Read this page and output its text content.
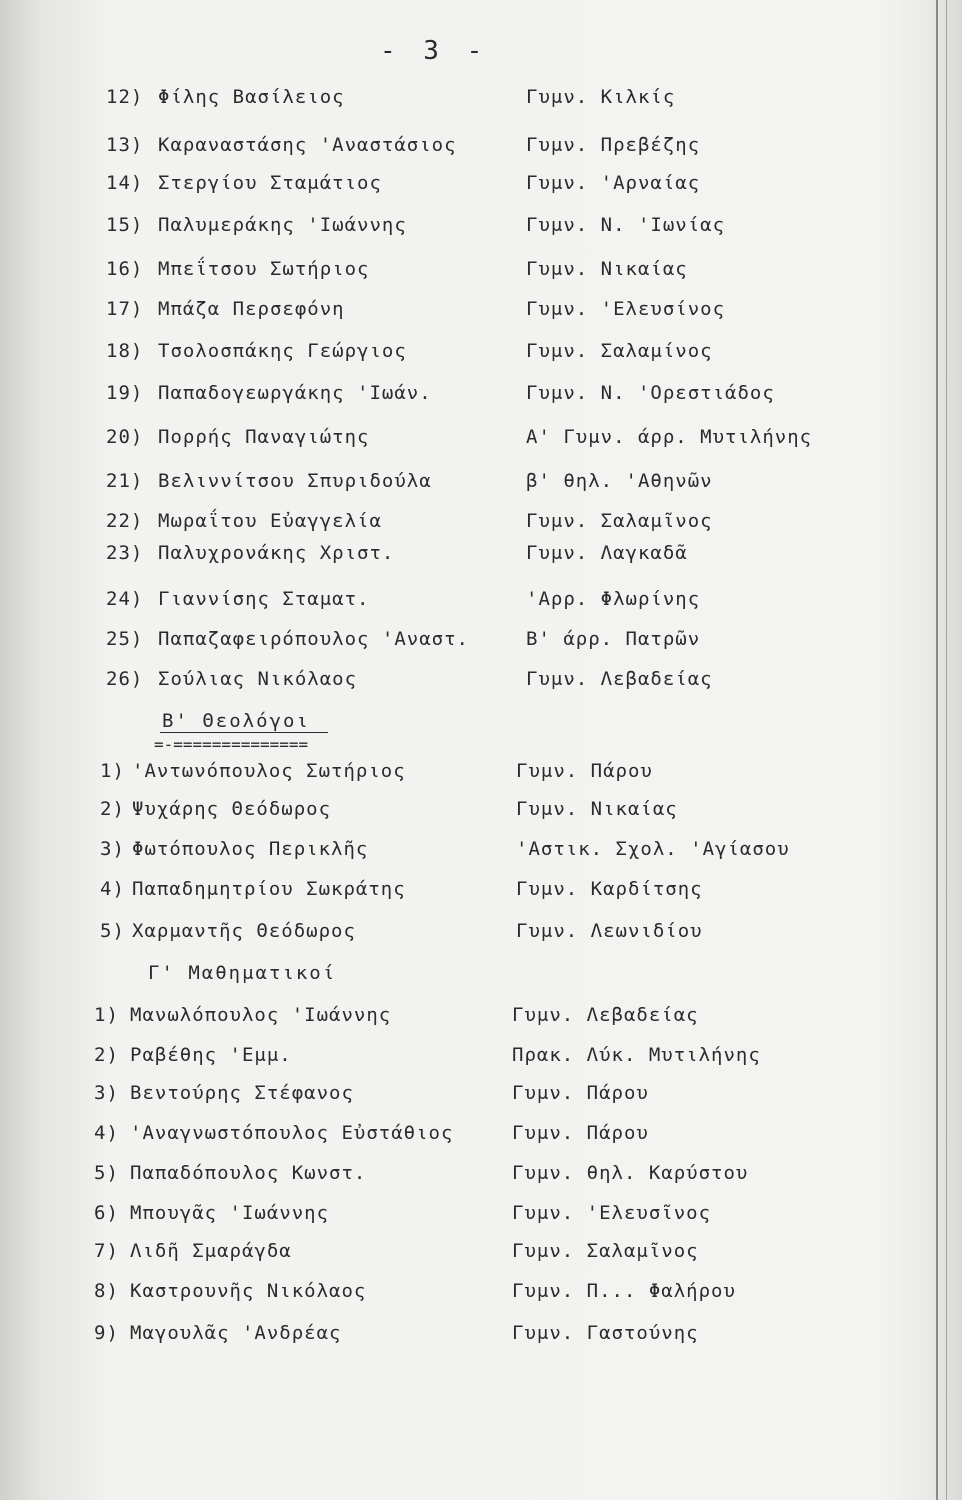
- 3 -
12) Φίλης Βασίλειος	Γυμν. Κιλκίς
13) Καραναστάσης 'Αναστάσιος	Γυμν. Πρεβέζης
14) Στεργίου Σταμάτιος	Γυμν. 'Αρναίας
15) Παλυμεράκης 'Ιωάννης	Γυμν. Ν. 'Ιωνίας
16) Μπεΐτσου Σωτήριος	Γυμν. Νικαίας
17) Μπάζα Περσεφόνη	Γυμν. 'Ελευσίνος
18) Τσολοσπάκης Γεώργιος	Γυμν. Σαλαμίνος
19) Παπαδογεωργάκης 'Ιωάν.	Γυμν. Ν. 'Ορεστιάδος
20) Πορρής Παναγιώτης	Α' Γυμν. άρρ. Μυτιλήνης
21) Βελιννίτσου Σπυριδούλα	β' θηλ. 'Αθηνῶν
22) Μωραΐτου Εὐαγγελία	Γυμν. Σαλαμῖνος
23) Παλυχρονάκης Χριστ.	Γυμν. Λαγκαδᾶ
24) Γιαννίσης Σταματ.	'Αρρ. Φλωρίνης
25) Παπαζαφειρόπουλος 'Αναστ.	Β' άρρ. Πατρῶν
26) Σούλιας Νικόλαος	Γυμν. Λεβαδείας
Β' Θεολόγοι
=-==============
1) 'Αντωνόπουλος Σωτήριος	Γυμν. Πάρου
2) Ψυχάρης Θεόδωρος	Γυμν. Νικαίας
3) Φωτόπουλος Περικλῆς	'Αστικ. Σχολ. 'Αγίασου
4) Παπαδημητρίου Σωκράτης	Γυμν. Καρδίτσης
5) Χαρμαντῆς Θεόδωρος	Γυμν. Λεωνιδίου
Γ' Μαθηματικοί
1) Μανωλόπουλος 'Ιωάννης	Γυμν. Λεβαδείας
2) Ραβέθης 'Εμμ.	Πρακ. Λύκ. Μυτιλήνης
3) Βεντούρης Στέφανος	Γυμν. Πάρου
4) 'Αναγνωστόπουλος Εὐστάθιος	Γυμν. Πάρου
5) Παπαδόπουλος Κωνστ.	Γυμν. θηλ. Καρύστου
6) Μπουγᾶς 'Ιωάννης	Γυμν. 'Ελευσῖνος
7) Λιδῆ Σμαράγδα	Γυμν. Σαλαμῖνος
8) Καστρουνῆς Νικόλαος	Γυμν. Π... Φαλήρου
9) Μαγουλᾶς 'Ανδρέας	Γυμν. Γαστούνης
